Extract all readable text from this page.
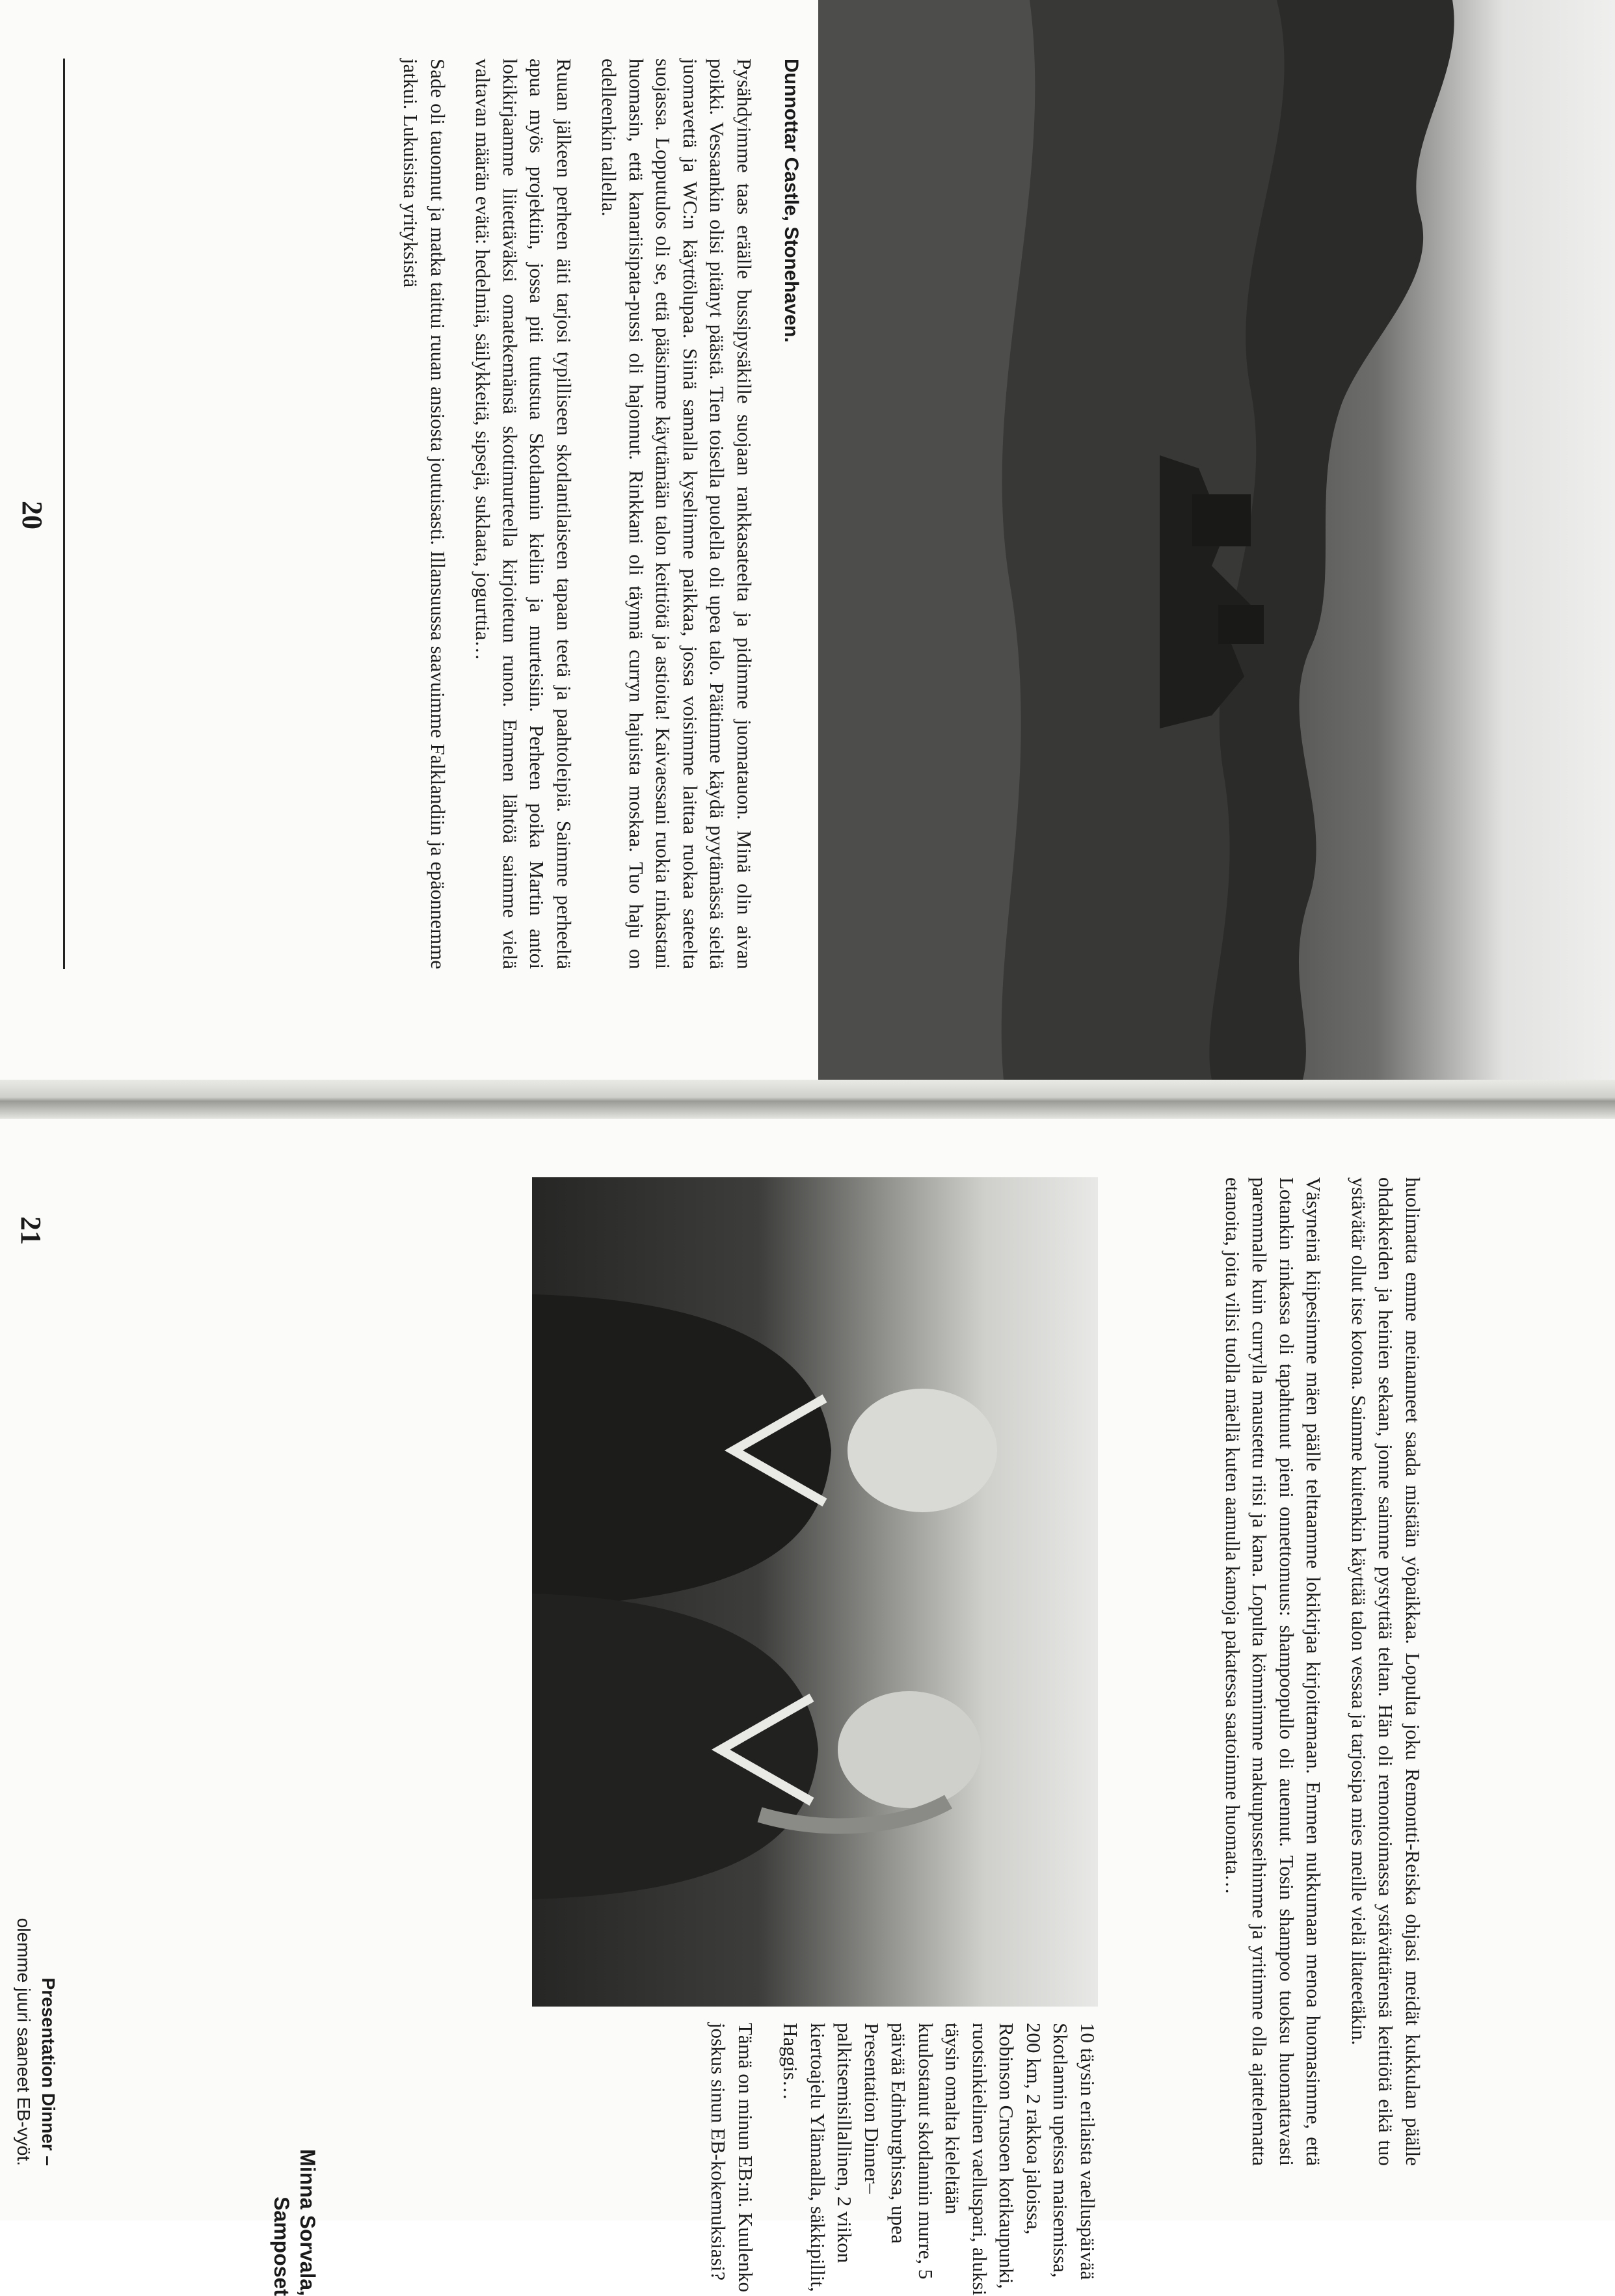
Dunnottar Castle, Stonehaven.

Pysähdyimme taas eräälle bussipysäkille suojaan rankkasateelta ja pidimme juomatauon. Minä olin aivan poikki. Vessaankin olisi pitänyt päästä. Tien toisella puolella oli upea talo. Päätimme käydä pyytämässä sieltä juomavettä ja WC:n käyttölupaa. Siinä samalla kyselimme paikkaa, jossa voisimme laittaa ruokaa sateelta suojassa. Lopputulos oli se, että pääsimme käyttämään talon keittiötä ja astioita! Kaivaessani ruokia rinkastani huomasin, että kanariisipata-pussi oli hajonnut. Rinkkani oli täynnä curryn hajuista moskaa. Tuo haju on edelleenkin tallella.

Ruuan jälkeen perheen äiti tarjosi typilliseen skotlantilaiseen tapaan teetä ja paahtoleipiä. Saimme perheeltä apua myös projektiin, jossa piti tutustua Skotlannin kieliin ja murteisiin. Perheen poika Martin antoi lokikirjaamme liitettäväksi omatekemänsä skottimurteella kirjoitetun runon. Emmen lähtöä saimme vielä valtavan määrän evätä: hedelmiä, säilykkeitä, sipsejä, suklaata, jogurttia…

Sade oli tauonnut ja matka taittui ruuan ansiosta joutuisasti. Illansuussa saavuimme Falklandiin ja epäonnemme jatkui. Lukuisista yrityksistä

20

huolimatta emme meinanneet saada mistään yöpaikkaa. Lopulta joku Remontti-Reiska ohjasi meidät kukkulan päälle ohdakkeiden ja heinien sekaan, jonne saimme pystyttää teltan. Hän oli remontoimassa ystävättärensä keittiötä eikä tuo ystävätär ollut itse kotona. Saimme kuitenkin käyttää talon vessaa ja tarjosipa mies meille vielä iltateetäkin.

Väsyneinä kiipesimme mäen päälle telttaamme lokikirjaa kirjoittamaan. Emmen nukkumaan menoa huomasimme, että Lotankin rinkassa oli tapahtunut pieni onnettomuus: shampoopullo oli auennut. Tosin shampoo tuoksu huomattavasti paremmalle kuin currylla maustettu riisi ja kana. Lopulta kömmimme makuupusseihimme ja yritimme olla ajattelematta etanoita, joita vilisi tuolla mäellä kuten aamulla kamoja pakatessa saatoimme huomata…

10 täysin erilaista vaelluspäivää Skotlannin upeissa maisemissa, 200 km, 2 rakkoa jaloissa, Robinson Crusoen kotikaupunki, ruotsinkielinen vaelluspari, aluksi täysin omalta kieleltään kuulostanut skotlannin murre, 5 päivää Edinburghissa, upea Presentation Dinner–palkitsemisillallinen, 2 viikon kiertoajelu Ylämaalla, säkkipillit, Haggis…

Tämä on minun EB:ni. Kuulenko joskus sinun EB-kokemuksiasi?

Minna Sorvala,
Samposet
Presentation Dinner –
olemme juuri saaneet EB-vyöt.
21
